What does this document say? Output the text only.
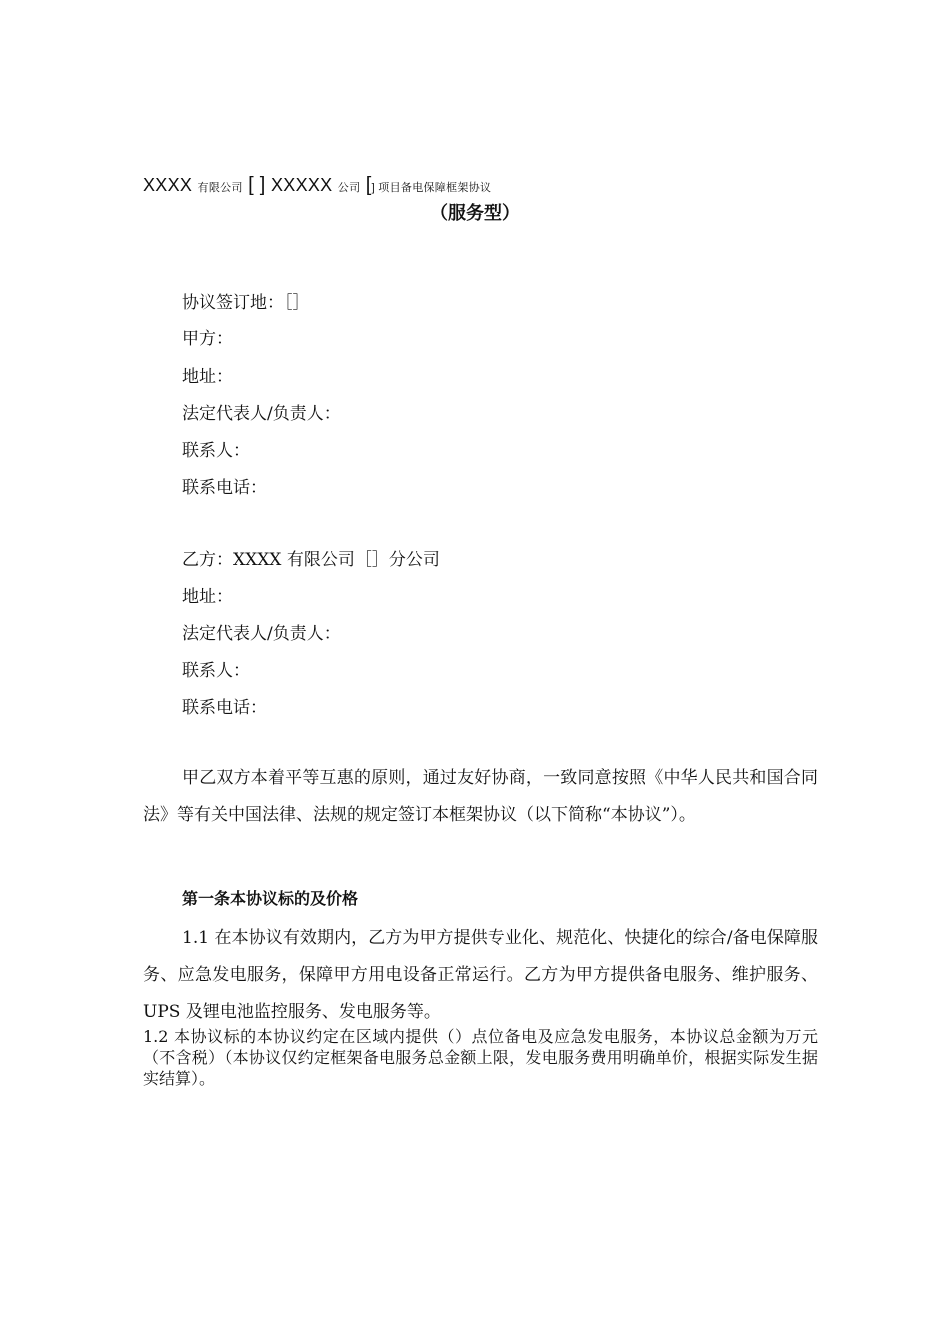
XXXX 有限公司 [ ] XXXXX 公司 [] 项目备电保障框架协议
（服务型）
协议签订地：［］
甲方：
地址：
法定代表人/负责人：
联系人：
联系电话：
乙方：XXXX 有限公司［］分公司
地址：
法定代表人/负责人：
联系人：
联系电话：
甲乙双方本着平等互惠的原则，通过友好协商，一致同意按照《中华人民共和国合同法》等有关中国法律、法规的规定签订本框架协议（以下简称“本协议”）。
第一条本协议标的及价格
1.1 在本协议有效期内，乙方为甲方提供专业化、规范化、快捷化的综合/备电保障服务、应急发电服务，保障甲方用电设备正常运行。乙方为甲方提供备电服务、维护服务、UPS 及锂电池监控服务、发电服务等。
1.2 本协议标的本协议约定在区域内提供（）点位备电及应急发电服务，本协议总金额为万元（不含税）（本协议仅约定框架备电服务总金额上限，发电服务费用明确单价，根据实际发生据实结算）。
